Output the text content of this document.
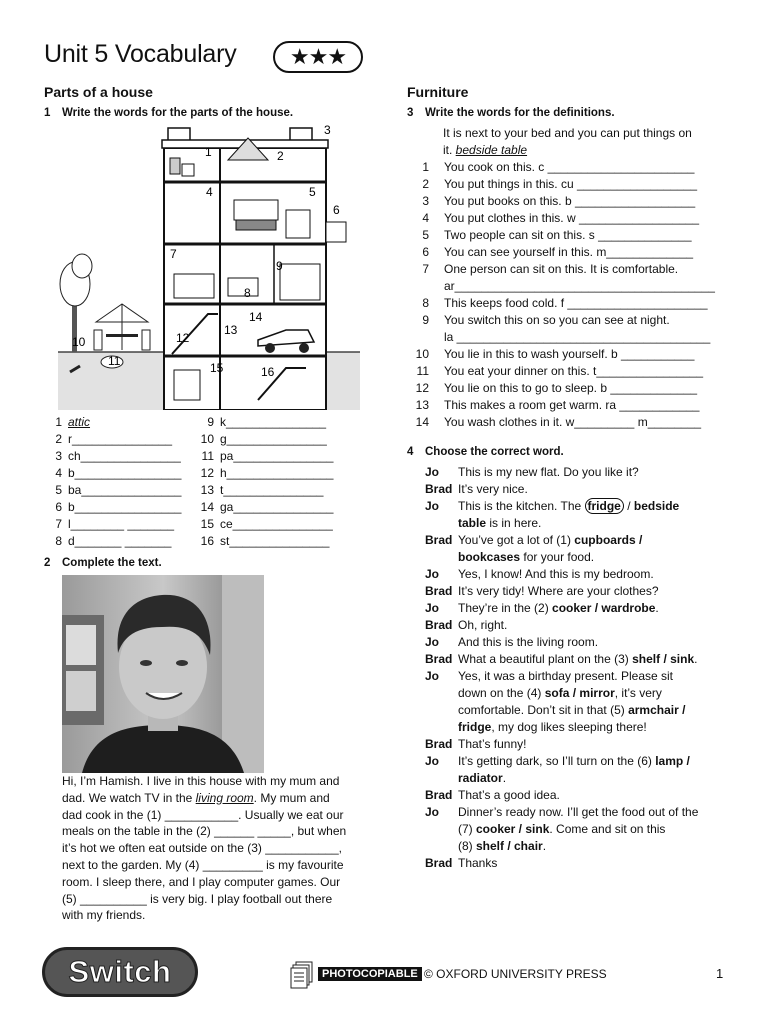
Unit 5 Vocabulary	★★★
Parts of a house	Furniture
1 Write the words for the parts of the house.
1	2
3
4	5
6
7
8
9
10
11
12
13
14
15	16
1 attic
2 r_______________
3 ch_______________
4 b________________
5 ba_______________
6 b________________
7 l________ _______
8 d_______ _______
9 k_______________
10 g_______________
11 pa_______________
12 h________________
13 t_______________
14 ga_______________
15 ce_______________
16 st_______________
2 Complete the text.
Hi, I’m Hamish. I live in this house with my mum and
dad. We watch TV in the living room. My mum and
dad cook in the (1) ___________. Usually we eat our
meals on the table in the (2) ______ _____, but when
it’s hot we often eat outside on the (3) ___________,
next to the garden. My (4) _________ is my favourite
room. I sleep there, and I play computer games. Our
(5) __________ is very big. I play football out there
with my friends.
3 Write the words for the definitions.
It is next to your bed and you can put things on
it. bedside table
1 You cook on this. c ______________________
2 You put things in this. cu __________________
3 You put books on this. b __________________
4 You put clothes in this. w __________________
5 Two people can sit on this. s ______________
6 You can see yourself in this. m_____________
7 One person can sit on this. It is comfortable.
ar_______________________________________
8 This keeps food cold. f _____________________
9 You switch this on so you can see at night.
la ______________________________________
10 You lie in this to wash yourself. b ___________
11 You eat your dinner on this. t________________
12 You lie on this to go to sleep. b _____________
13 This makes a room get warm. ra ____________
14 You wash clothes in it. w_________ m________
4 Choose the correct word.
Jo This is my new flat. Do you like it?
Brad It’s very nice.
Jo This is the kitchen. The fridge / bedside
table is in here.
Brad You’ve got a lot of (1) cupboards /
bookcases for your food.
Jo Yes, I know! And this is my bedroom.
Brad It’s very tidy! Where are your clothes?
Jo They’re in the (2) cooker / wardrobe.
Brad Oh, right.
Jo And this is the living room.
Brad What a beautiful plant on the (3) shelf / sink.
Jo Yes, it was a birthday present. Please sit
down on the (4) sofa / mirror, it’s very
comfortable. Don’t sit in that (5) armchair /
fridge, my dog likes sleeping there!
Brad That’s funny!
Jo It’s getting dark, so I’ll turn on the (6) lamp /
radiator.
Brad That’s a good idea.
Jo Dinner’s ready now. I’ll get the food out of the
(7) cooker / sink. Come and sit on this
(8) shelf / chair.
Brad Thanks
Switch	PHOTOCOPIABLE © OXFORD UNIVERSITY PRESS	1
